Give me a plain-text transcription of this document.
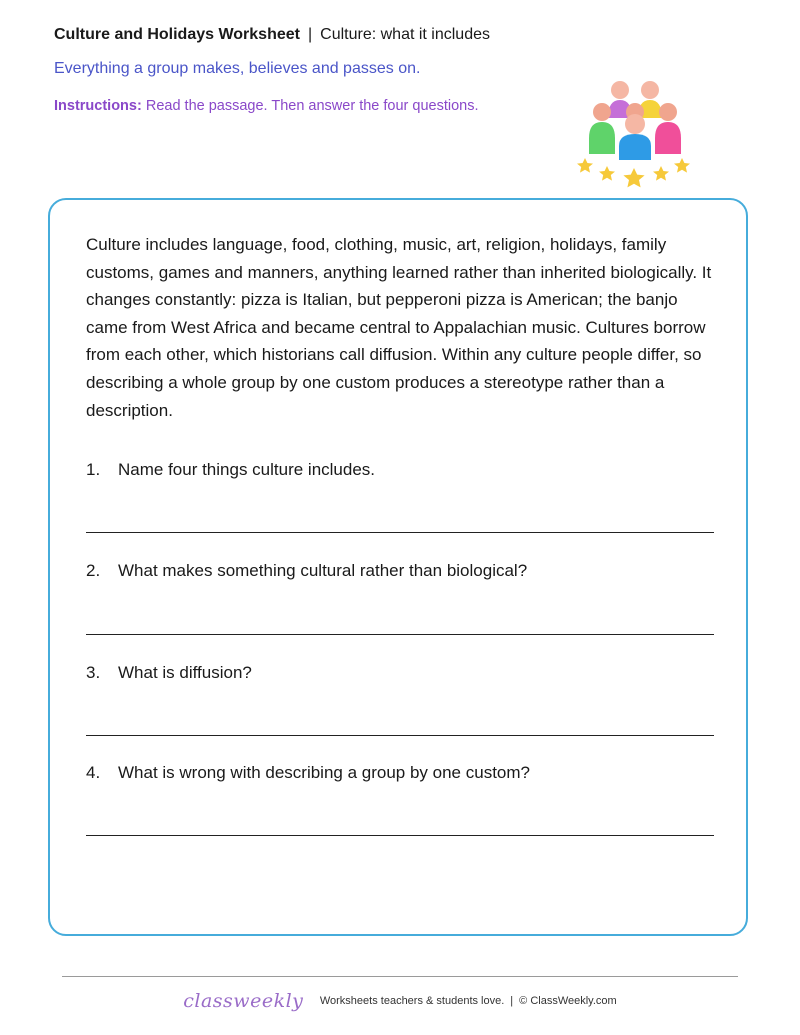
Culture and Holidays Worksheet | Culture: what it includes
Everything a group makes, believes and passes on.
Instructions: Read the passage. Then answer the four questions.

Culture includes language, food, clothing, music, art, religion, holidays, family customs, games and manners, anything learned rather than inherited biologically. It changes constantly: pizza is Italian, but pepperoni pizza is American; the banjo came from West Africa and became central to Appalachian music. Cultures borrow from each other, which historians call diffusion. Within any culture people differ, so describing a whole group by one custom produces a stereotype rather than a description.

1. Name four things culture includes.
2. What makes something cultural rather than biological?
3. What is diffusion?
4. What is wrong with describing a group by one custom?
classweekly Worksheets teachers & students love. | © ClassWeekly.com
